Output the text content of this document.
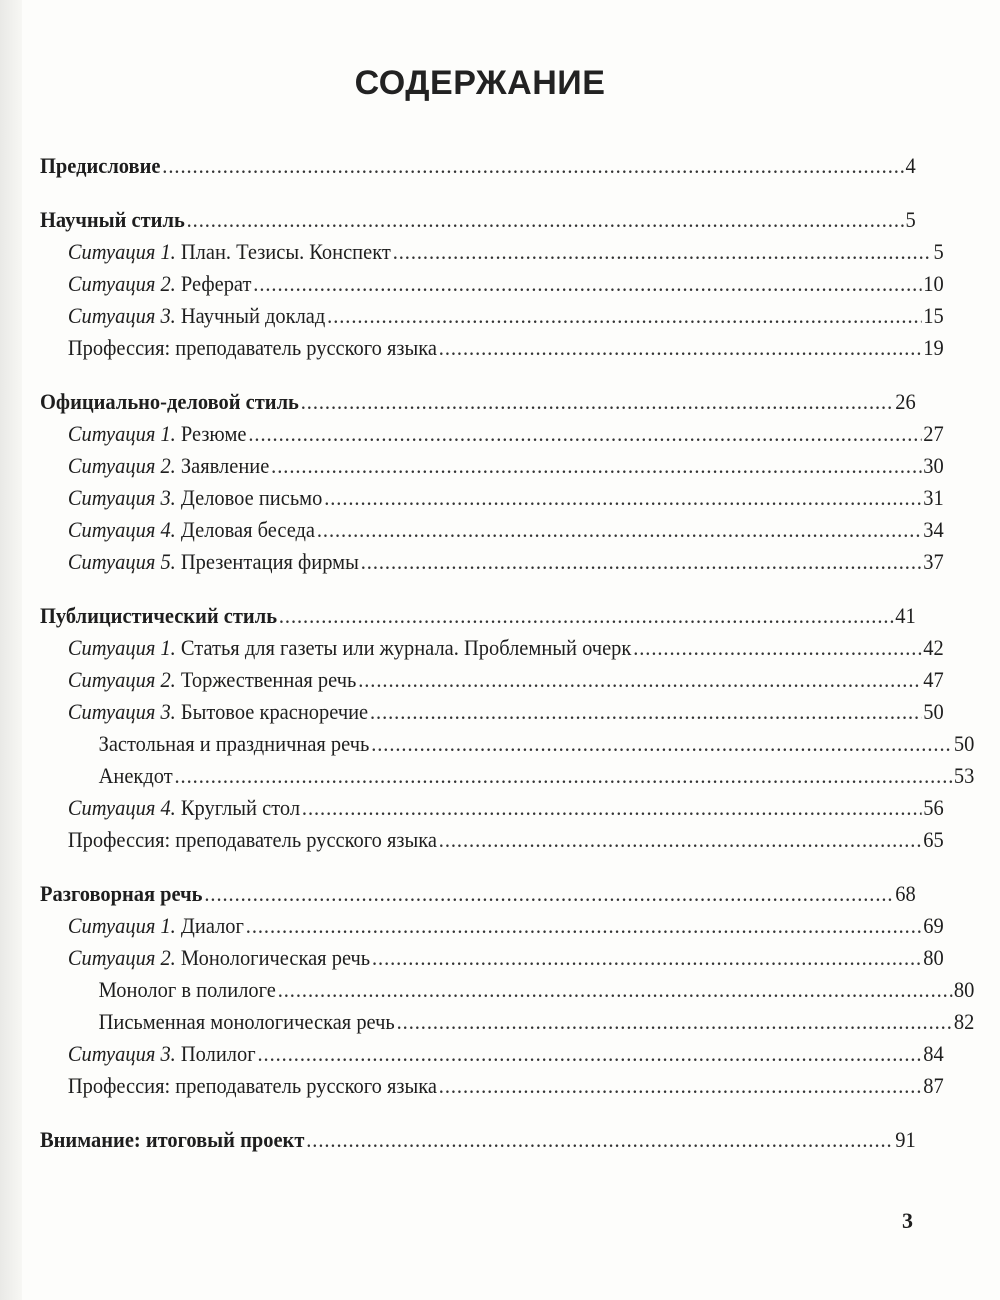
СОДЕРЖАНИЕ
Предисловие .....	4
Научный стиль .....	5
Ситуация 1. План. Тезисы. Конспект .....	5
Ситуация 2. Реферат .....	10
Ситуация 3. Научный доклад .....	15
Профессия: преподаватель русского языка .....	19
Официально-деловой стиль .....	26
Ситуация 1. Резюме .....	27
Ситуация 2. Заявление .....	30
Ситуация 3. Деловое письмо .....	31
Ситуация 4. Деловая беседа .....	34
Ситуация 5. Презентация фирмы .....	37
Публицистический стиль .....	41
Ситуация 1. Статья для газеты или журнала. Проблемный очерк .....	42
Ситуация 2. Торжественная речь .....	47
Ситуация 3. Бытовое красноречие .....	50
Застольная и праздничная речь .....	50
Анекдот .....	53
Ситуация 4. Круглый стол .....	56
Профессия: преподаватель русского языка .....	65
Разговорная речь .....	68
Ситуация 1. Диалог .....	69
Ситуация 2. Монологическая речь .....	80
Монолог в полилоге .....	80
Письменная монологическая речь .....	82
Ситуация 3. Полилог .....	84
Профессия: преподаватель русского языка .....	87
Внимание: итоговый проект .....	91
3
